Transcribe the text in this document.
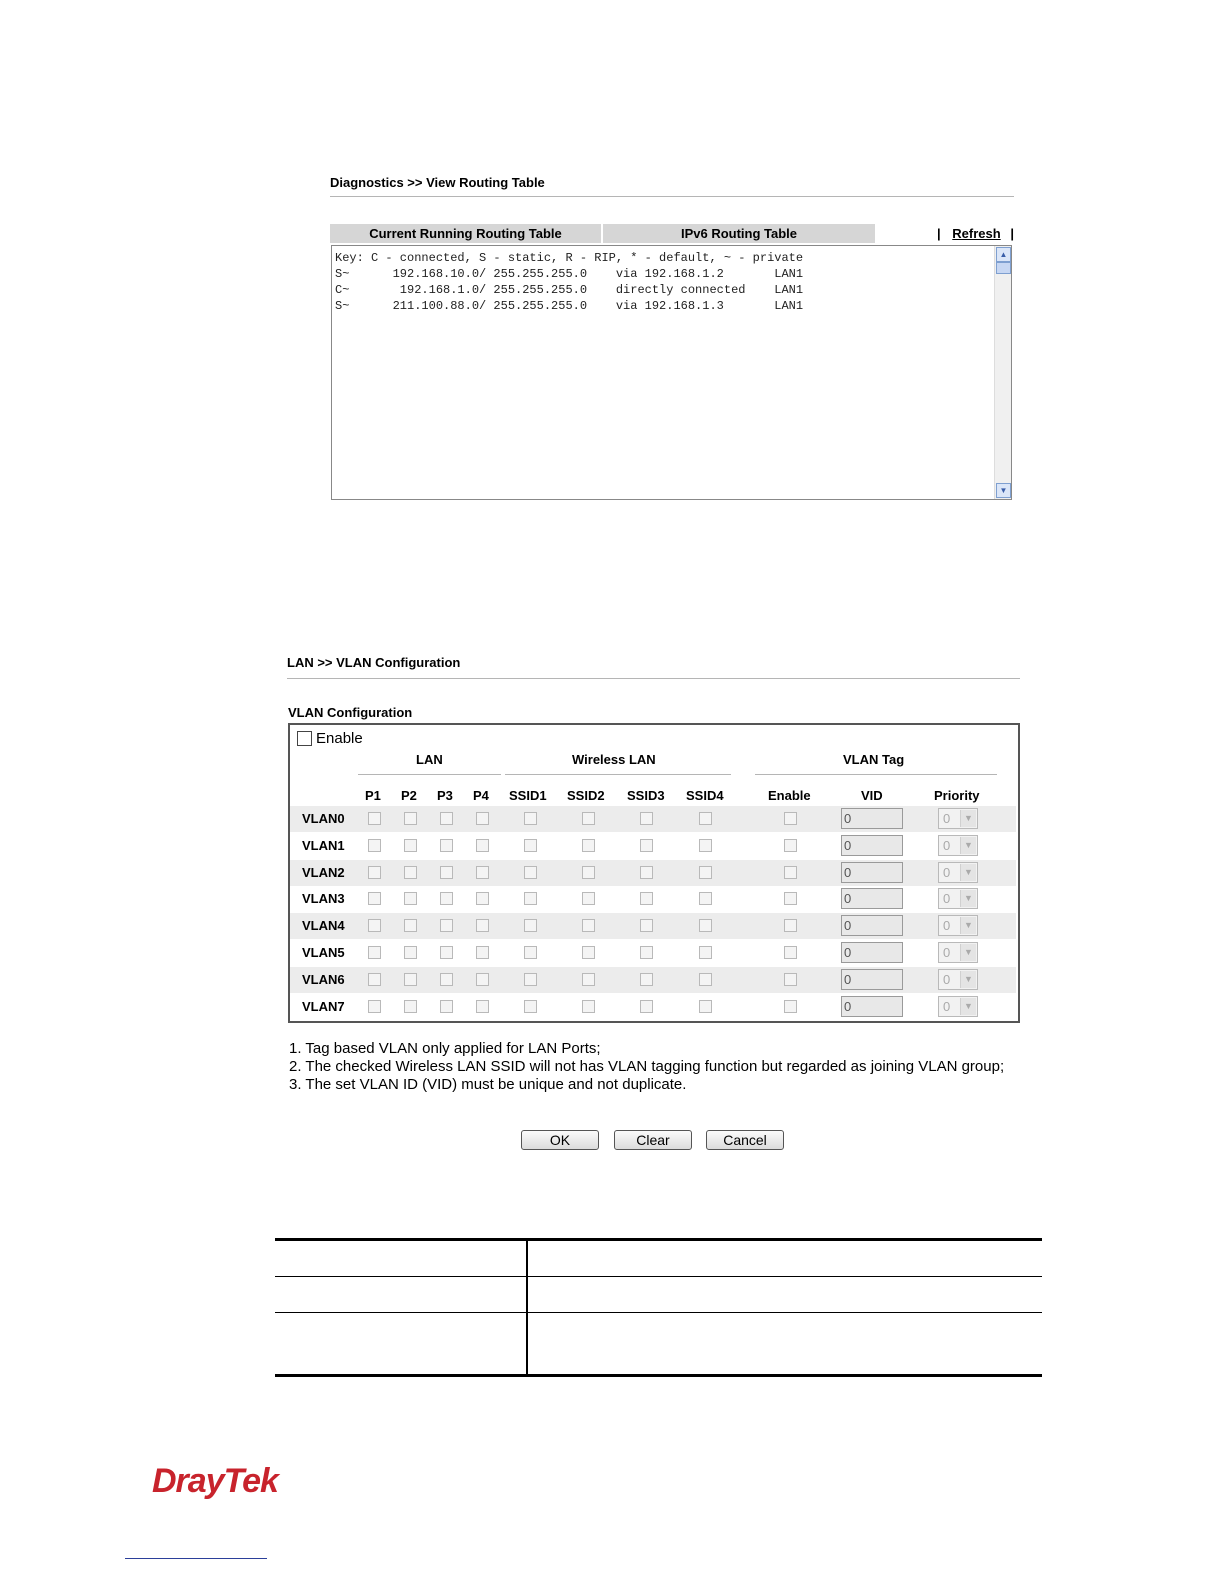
Diagnostics >> View Routing Table
Current Running Routing Table	IPv6 Routing Table	| Refresh |
Key: C - connected, S - static, R - RIP, * - default, ~ - private
S~      192.168.10.0/ 255.255.255.0    via 192.168.1.2       LAN1
C~       192.168.1.0/ 255.255.255.0    directly connected    LAN1
S~      211.100.88.0/ 255.255.255.0    via 192.168.1.3       LAN1
▲
▼
LAN >> VLAN Configuration
VLAN Configuration
Enable
LAN	Wireless LAN	VLAN Tag
P1 P2 P3 P4 SSID1 SSID2 SSID3 SSID4	Enable	VID	Priority
VLAN0	0	0	▼
VLAN1	0	0	▼
VLAN2	0	0	▼
VLAN3	0	0	▼
VLAN4	0	0	▼
VLAN5	0	0	▼
VLAN6	0	0	▼
VLAN7	0	0	▼
1. Tag based VLAN only applied for LAN Ports;
2. The checked Wireless LAN SSID will not has VLAN tagging function but regarded as joining VLAN group;
3. The set VLAN ID (VID) must be unique and not duplicate.
OK	Clear	Cancel
DrayTek
